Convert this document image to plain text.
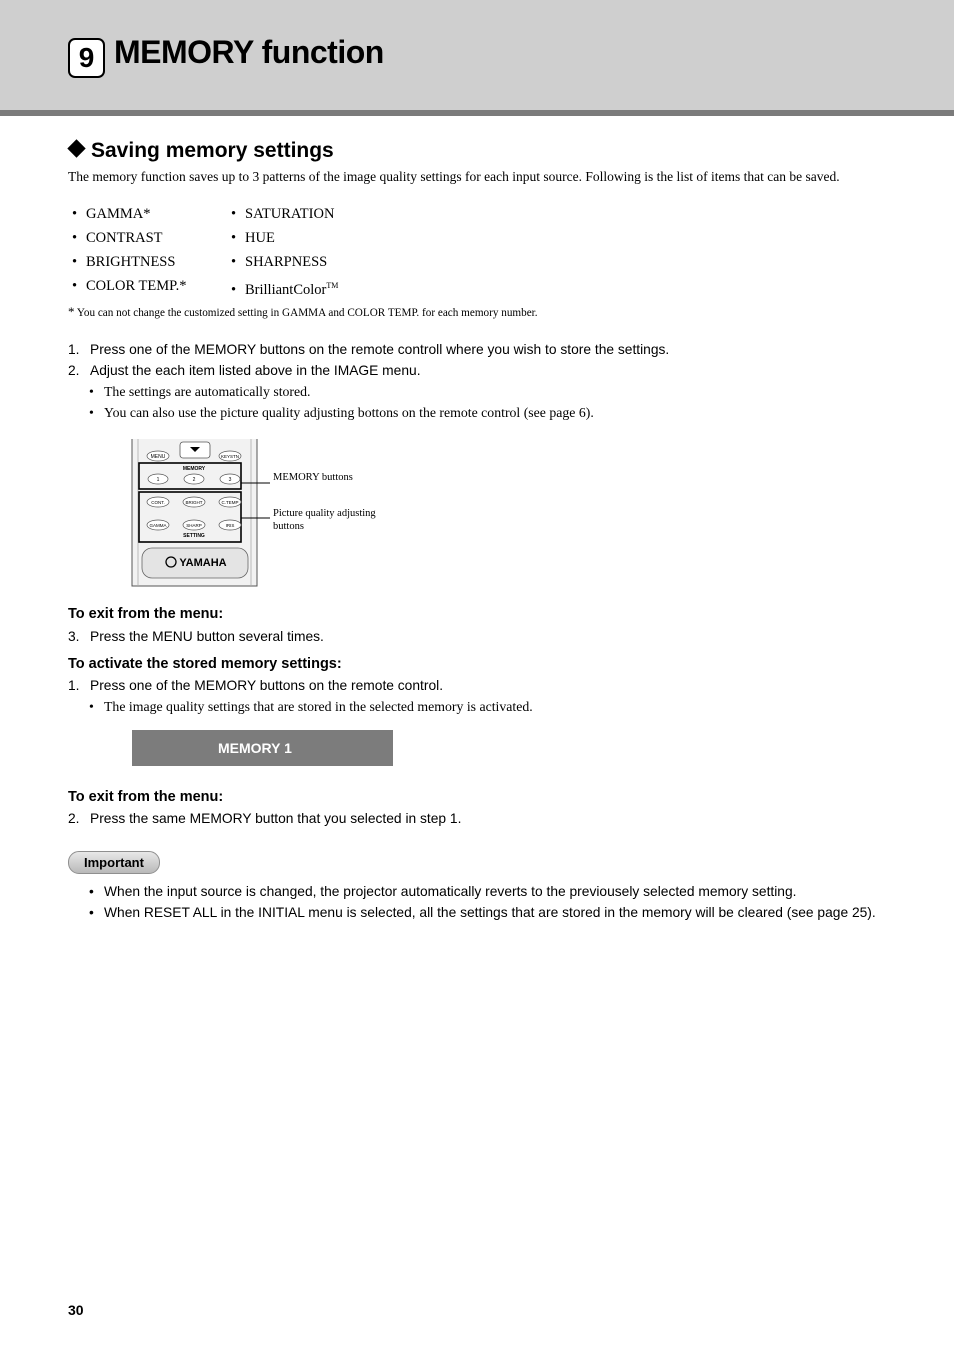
9 MEMORY function
Saving memory settings
The memory function saves up to 3 patterns of the image quality settings for each input source. Following is the list of items that can be saved.
• GAMMA*
• CONTRAST
• BRIGHTNESS
• COLOR TEMP.*
• SATURATION
• HUE
• SHARPNESS
• BrilliantColor™
* You can not change the customized setting in GAMMA and COLOR TEMP. for each memory number.
1. Press one of the MEMORY buttons on the remote controll where you wish to store the settings.
2. Adjust the each item listed above in the IMAGE menu.
• The settings are automatically stored.
• You can also use the picture quality adjusting bottons on the remote control (see page 6).
MENU	KEYSTN
MEMORY
1	2	3
CONT.	BRIGHT	C.TEMP
GAMMA	SHARP	IRIS
SETTING
YAMAHA
MEMORY buttons
Picture quality adjusting
buttons
To exit from the menu:
3. Press the MENU button several times.
To activate the stored memory settings:
1. Press one of the MEMORY buttons on the remote control.
• The image quality settings that are stored in the selected memory is activated.
MEMORY 1
To exit from the menu:
2. Press the same MEMORY button that you selected in step 1.
Important
• When the input source is changed, the projector automatically reverts to the previousely selected memory setting.
• When RESET ALL in the INITIAL menu is selected, all the settings that are stored in the memory will be cleared (see page 25).
30
